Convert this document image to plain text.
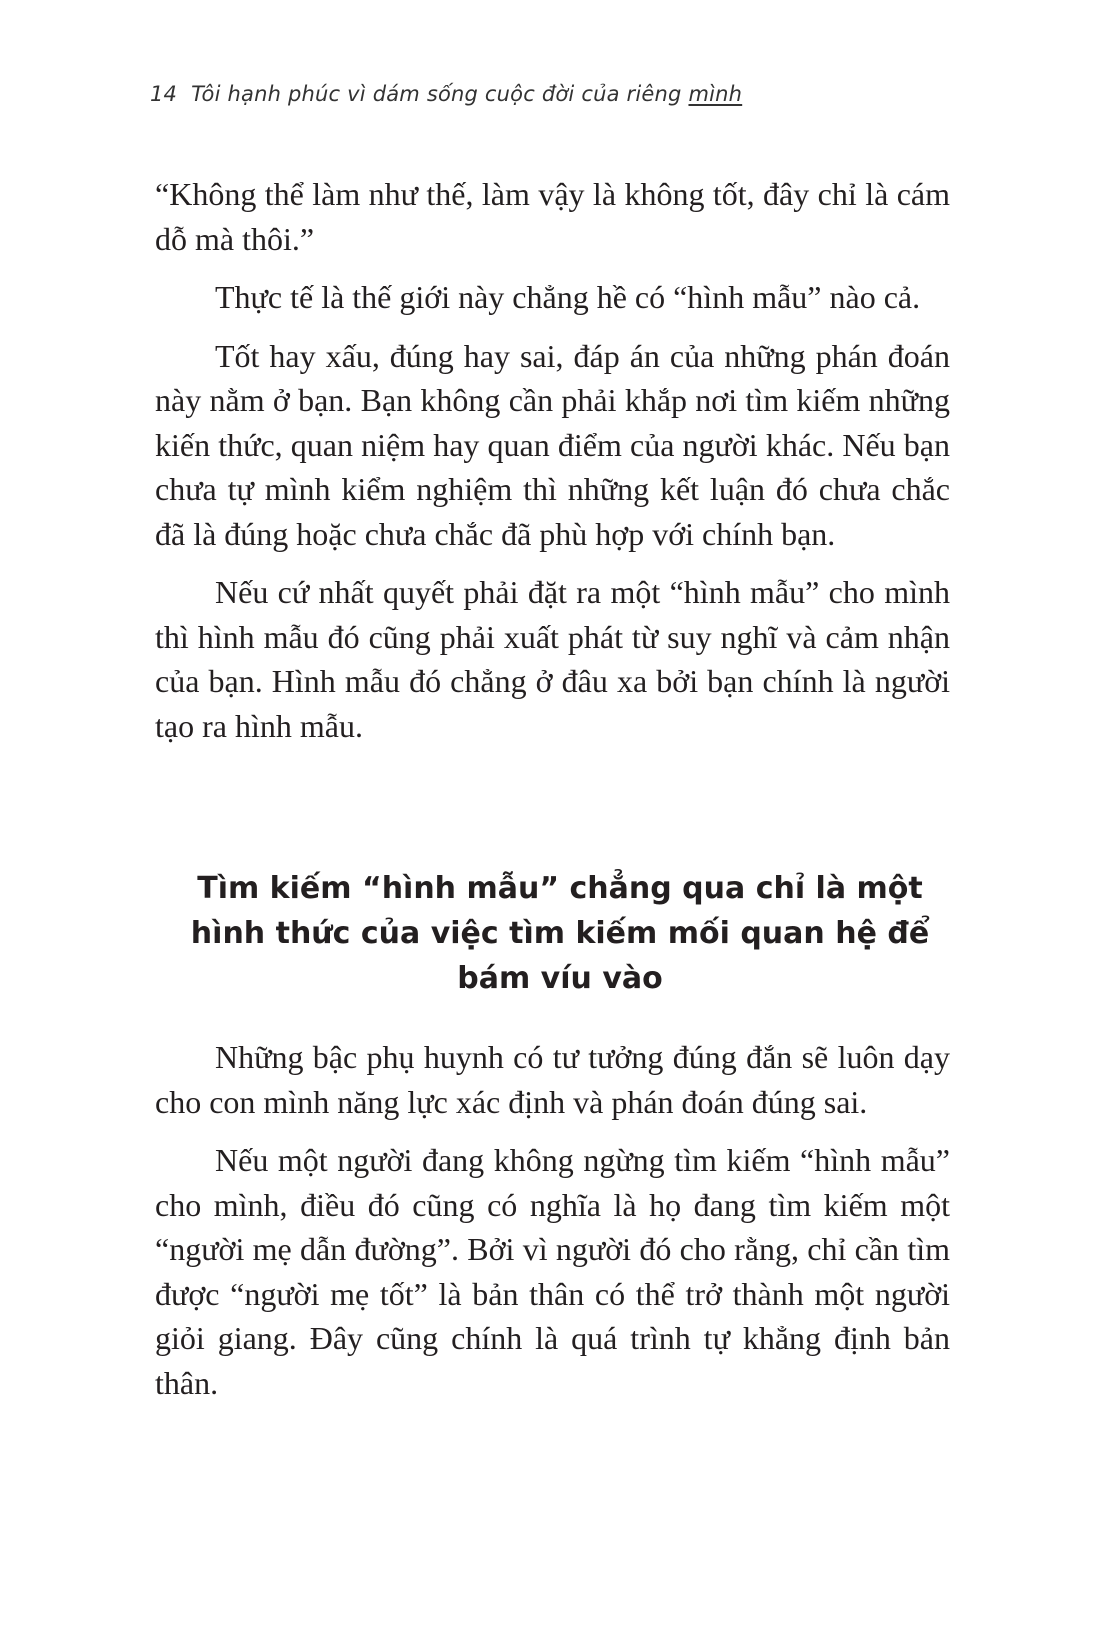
14 Tôi hạnh phúc vì dám sống cuộc đời của riêng mình

“Không thể làm như thế, làm vậy là không tốt, đây chỉ là cám dỗ mà thôi.”

Thực tế là thế giới này chẳng hề có “hình mẫu” nào cả.

Tốt hay xấu, đúng hay sai, đáp án của những phán đoán này nằm ở bạn. Bạn không cần phải khắp nơi tìm kiếm những kiến thức, quan niệm hay quan điểm của người khác. Nếu bạn chưa tự mình kiểm nghiệm thì những kết luận đó chưa chắc đã là đúng hoặc chưa chắc đã phù hợp với chính bạn.

Nếu cứ nhất quyết phải đặt ra một “hình mẫu” cho mình thì hình mẫu đó cũng phải xuất phát từ suy nghĩ và cảm nhận của bạn. Hình mẫu đó chẳng ở đâu xa bởi bạn chính là người tạo ra hình mẫu.

Tìm kiếm “hình mẫu” chẳng qua chỉ là một
hình thức của việc tìm kiếm mối quan hệ để
bám víu vào

Những bậc phụ huynh có tư tưởng đúng đắn sẽ luôn dạy cho con mình năng lực xác định và phán đoán đúng sai.

Nếu một người đang không ngừng tìm kiếm “hình mẫu” cho mình, điều đó cũng có nghĩa là họ đang tìm kiếm một “người mẹ dẫn đường”. Bởi vì người đó cho rằng, chỉ cần tìm được “người mẹ tốt” là bản thân có thể trở thành một người giỏi giang. Đây cũng chính là quá trình tự khẳng định bản thân.
